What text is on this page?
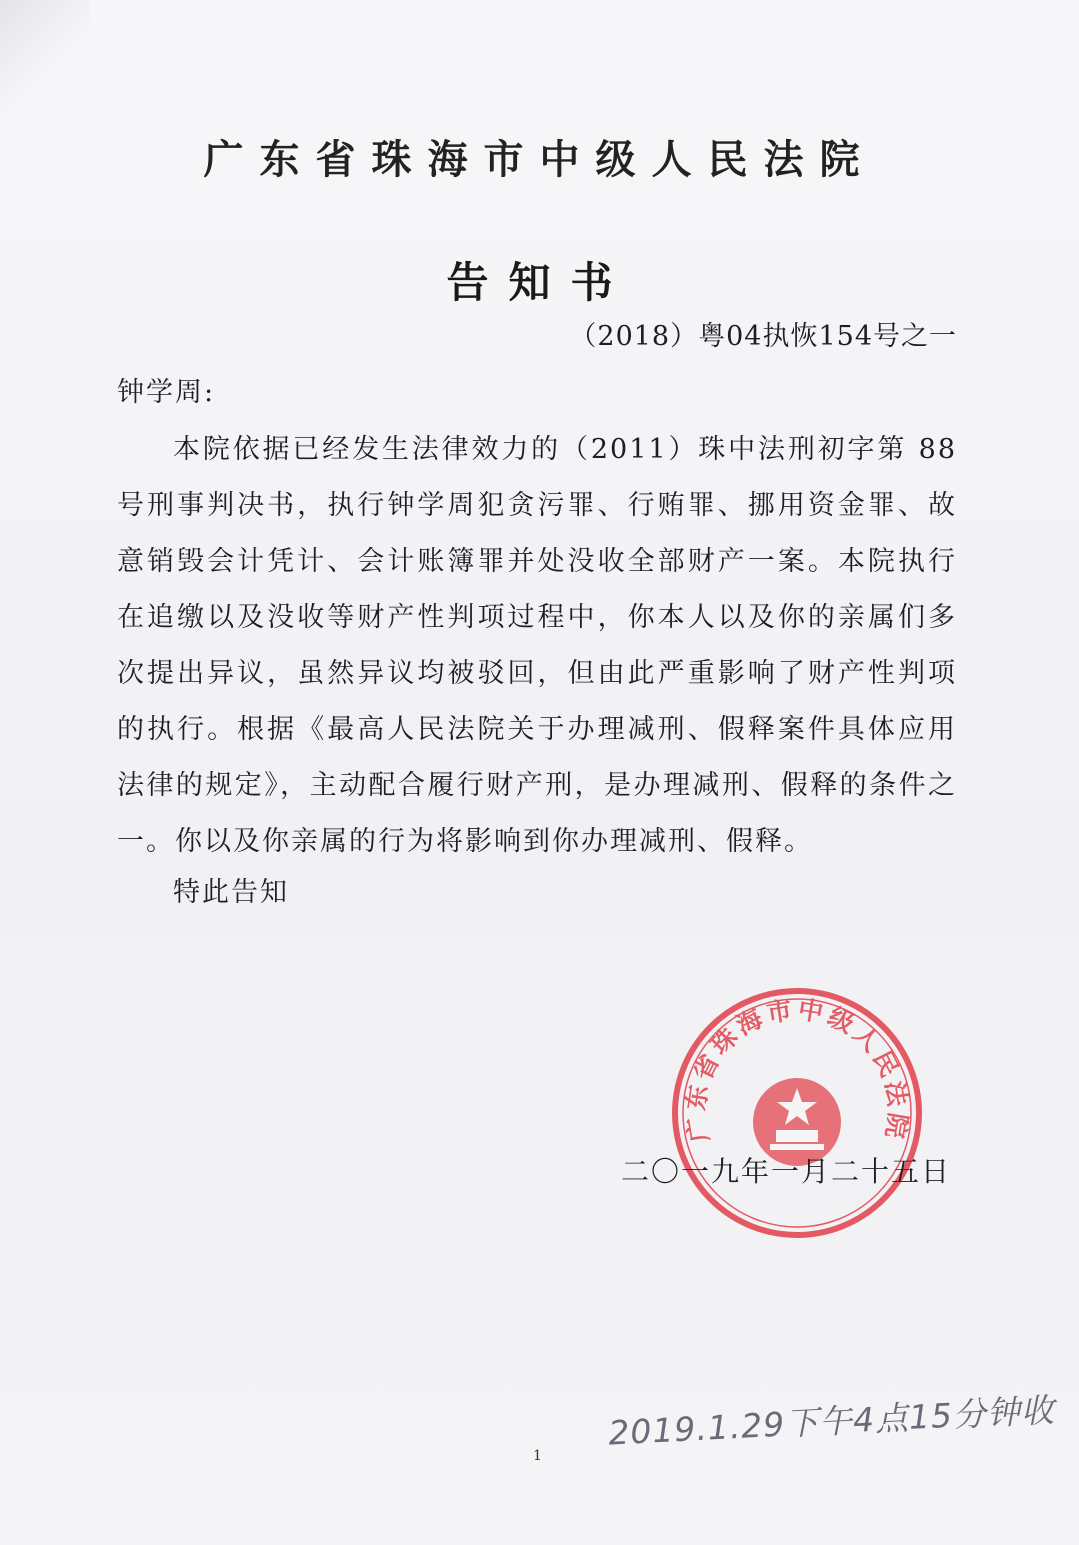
广东省珠海市中级人民法院
告知书
（2018）粤04执恢154号之一
钟学周:

本院依据已经发生法律效力的（2011）珠中法刑初字第 88号刑事判决书，执行钟学周犯贪污罪、行贿罪、挪用资金罪、故意销毁会计凭计、会计账簿罪并处没收全部财产一案。本院执行在追缴以及没收等财产性判项过程中，你本人以及你的亲属们多次提出异议，虽然异议均被驳回，但由此严重影响了财产性判项的执行。根据《最高人民法院关于办理减刑、假释案件具体应用法律的规定》，主动配合履行财产刑，是办理减刑、假释的条件之一。你以及你亲属的行为将影响到你办理减刑、假释。

特此告知
广东省珠海市中级人民法院
二〇一九年一月二十五日
2019.1.29下午4点15分钟收
1
